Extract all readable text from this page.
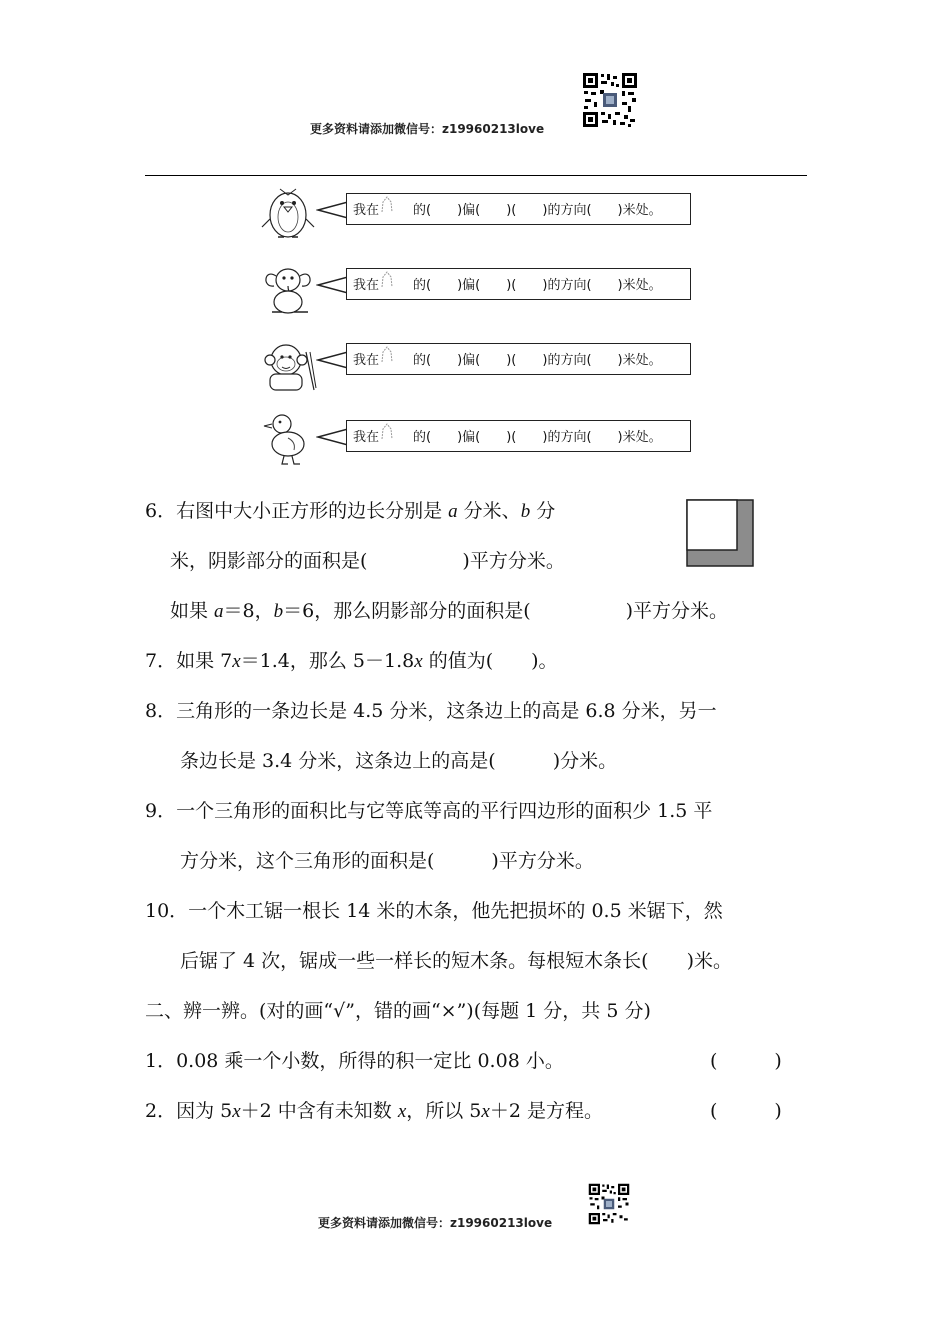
更多资料请添加微信号：z19960213love
我在	的(　　)偏(　　)(　　)的方向(　　)米处。
我在	的(　　)偏(　　)(　　)的方向(　　)米处。
我在	的(　　)偏(　　)(　　)的方向(　　)米处。
我在	的(　　)偏(　　)(　　)的方向(　　)米处。
6．右图中大小正方形的边长分别是 a 分米、b 分
米，阴影部分的面积是(　　　　　)平方分米。
如果 a＝8，b＝6，那么阴影部分的面积是(　　　　　)平方分米。
7．如果 7x＝1.4，那么 5－1.8x 的值为(　　)。
8．三角形的一条边长是 4.5 分米，这条边上的高是 6.8 分米，另一
条边长是 3.4 分米，这条边上的高是(　　　)分米。
9．一个三角形的面积比与它等底等高的平行四边形的面积少 1.5 平
方分米，这个三角形的面积是(　　　)平方分米。
10．一个木工锯一根长 14 米的木条，他先把损坏的 0.5 米锯下，然
后锯了 4 次，锯成一些一样长的短木条。每根短木条长(　　)米。
二、辨一辨。(对的画“√”，错的画“×”)(每题 1 分，共 5 分)
1．0.08 乘一个小数，所得的积一定比 0.08 小。	(　　　)
2．因为 5x＋2 中含有未知数 x，所以 5x＋2 是方程。	(　　　)
更多资料请添加微信号：z19960213love
